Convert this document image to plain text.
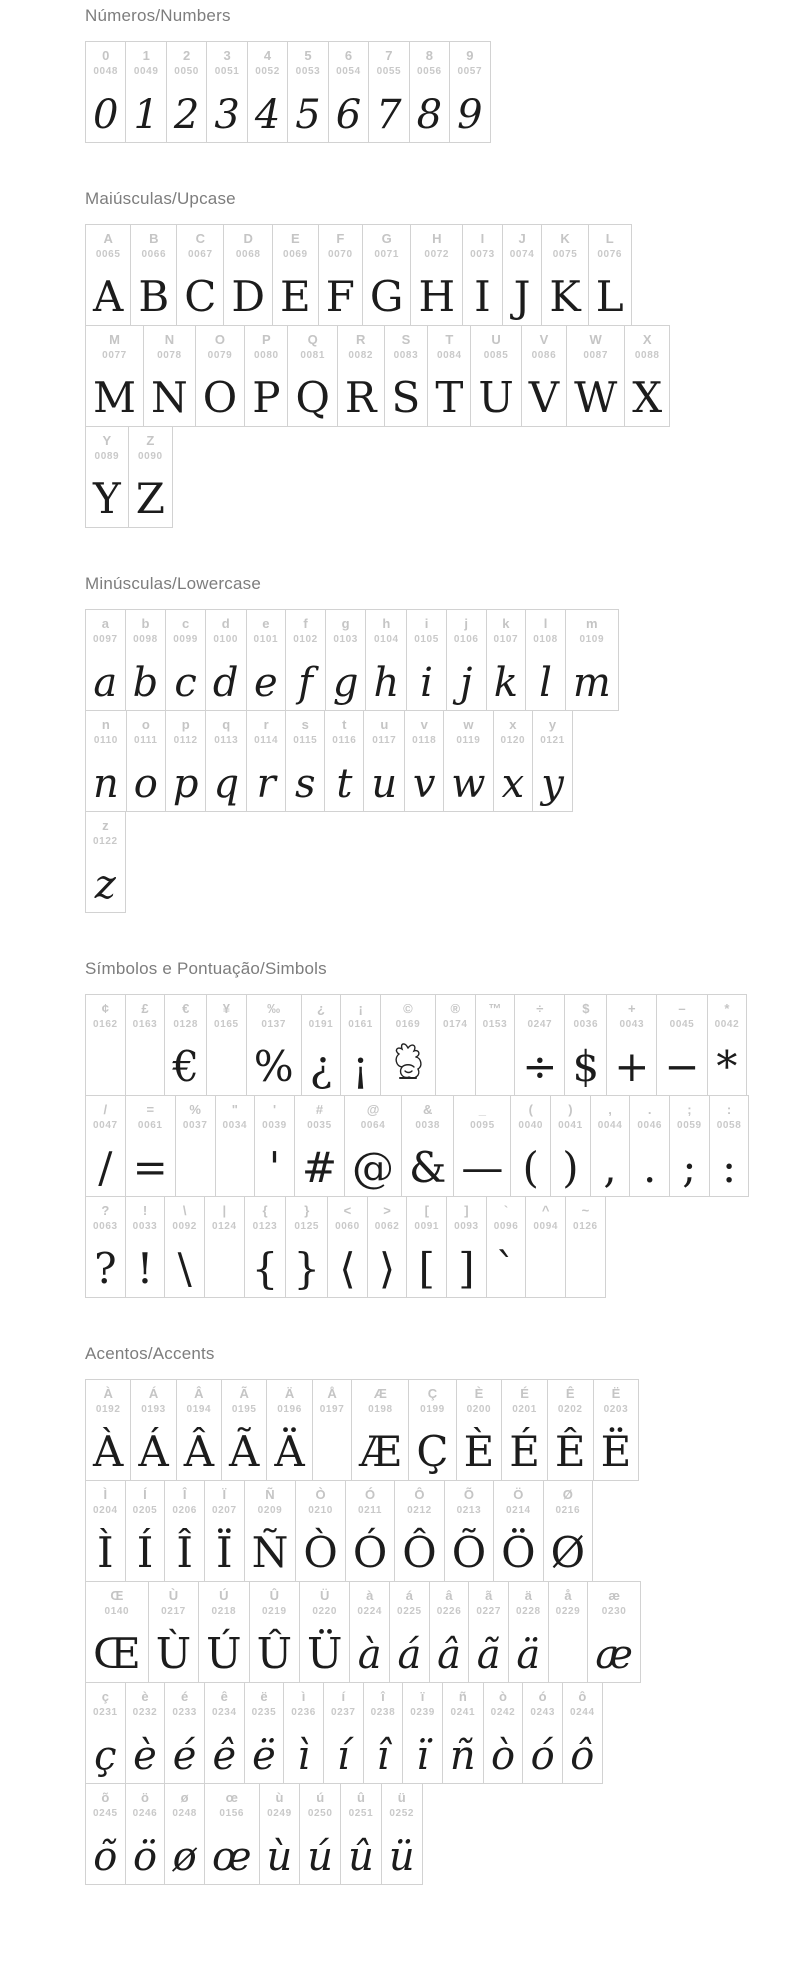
Números/Numbers
0
0048
0
1
0049
1
2
0050
2
3
0051
3
4
0052
4
5
0053
5
6
0054
6
7
0055
7
8
0056
8
9
0057
9
Maiúsculas/Upcase
A
0065
A
B
0066
B
C
0067
C
D
0068
D
E
0069
E
F
0070
F
G
0071
G
H
0072
H
I
0073
I
J
0074
J
K
0075
K
L
0076
L
M
0077
M
N
0078
N
O
0079
O
P
0080
P
Q
0081
Q
R
0082
R
S
0083
S
T
0084
T
U
0085
U
V
0086
V
W
0087
W
X
0088
X
Y
0089
Y
Z
0090
Z
Minúsculas/Lowercase
a
0097
a
b
0098
b
c
0099
c
d
0100
d
e
0101
e
f
0102
f
g
0103
g
h
0104
h
i
0105
i
j
0106
j
k
0107
k
l
0108
l
m
0109
m
n
0110
n
o
0111
o
p
0112
p
q
0113
q
r
0114
r
s
0115
s
t
0116
t
u
0117
u
v
0118
v
w
0119
w
x
0120
x
y
0121
y
z
0122
z
Símbolos e Pontuação/Simbols
¢
0162
£
0163
€
0128
€
¥
0165
‰
0137
%
¿
0191
¿
¡
0161
¡
©
0169
®
0174
™
0153
÷
0247
÷
$
0036
$
+
0043
+
–
0045
−
*
0042
*
/
0047
/
=
0061
=
%
0037
"
0034
'
0039
'
#
0035
#
@
0064
@
&
0038
&
_
0095
—
(
0040
(
)
0041
)
,
0044
,
.
0046
.
;
0059
;
:
0058
:
?
0063
?
!
0033
!
\
0092
\
|
0124
{
0123
{
}
0125
}
<
0060
⟨
>
0062
⟩
[
0091
[
]
0093
]
`
0096
`
^
0094
~
0126
Acentos/Accents
À
0192
À
Á
0193
Á
Â
0194
Â
Ã
0195
Ã
Ä
0196
Ä
Å
0197
Æ
0198
Æ
Ç
0199
Ç
È
0200
È
É
0201
É
Ê
0202
Ê
Ë
0203
Ë
Ì
0204
Ì
Í
0205
Í
Î
0206
Î
Ï
0207
Ï
Ñ
0209
Ñ
Ò
0210
Ò
Ó
0211
Ó
Ô
0212
Ô
Õ
0213
Õ
Ö
0214
Ö
Ø
0216
Ø
Œ
0140
Œ
Ù
0217
Ù
Ú
0218
Ú
Û
0219
Û
Ü
0220
Ü
à
0224
à
á
0225
á
â
0226
â
ã
0227
ã
ä
0228
ä
å
0229
æ
0230
æ
ç
0231
ç
è
0232
è
é
0233
é
ê
0234
ê
ë
0235
ë
ì
0236
ì
í
0237
í
î
0238
î
ï
0239
ï
ñ
0241
ñ
ò
0242
ò
ó
0243
ó
ô
0244
ô
õ
0245
õ
ö
0246
ö
ø
0248
ø
œ
0156
œ
ù
0249
ù
ú
0250
ú
û
0251
û
ü
0252
ü
